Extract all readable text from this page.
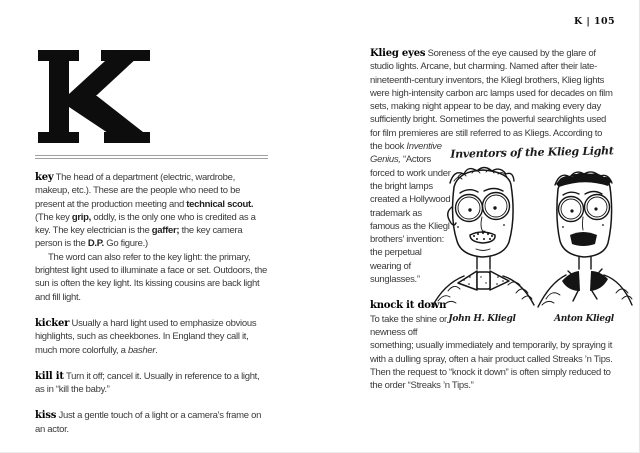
K | 105

key The head of a department (electric, wardrobe, makeup, etc.). These are the people who need to be present at the production meeting and technical scout. (The key grip, oddly, is the only one who is credited as a key. The key electrician is the gaffer; the key camera person is the D.P. Go figure.)

The word can also refer to the key light: the primary, brightest light used to illuminate a face or set. Outdoors, the sun is often the key light. Its kissing cousins are back light and fill light.

kicker Usually a hard light used to emphasize obvious highlights, such as cheekbones. In England they call it, much more colorfully, a basher.

kill it Turn it off; cancel it. Usually in reference to a light, as in “kill the baby.”

kiss Just a gentle touch of a light or a camera’s frame on an actor.

Klieg eyes Soreness of the eye caused by the glare of studio lights. Arcane, but charming. Named after their late-nineteenth-century inventors, the Kliegl brothers, Klieg lights were high-intensity carbon arc lamps used for decades on film sets, making night appear to be day, and making every day sufficiently bright. Sometimes the powerful searchlights used for film premieres are
Inventors of the Klieg Light
John H. Kliegl	Anton Kliegl
still referred to as Kliegs. According to the book Inventive Genius, “Actors forced to work under the bright lamps created a Hollywood trademark as famous as the Kliegl brothers’ invention: the perpetual wearing of sunglasses.”

knock it down To take the shine or newness off something; usually immediately and temporarily, by spraying it with a dulling spray, often a hair product called Streaks ’n Tips. Then the request to “knock it down” is often simply reduced to the order “Streaks ’n Tips.”
